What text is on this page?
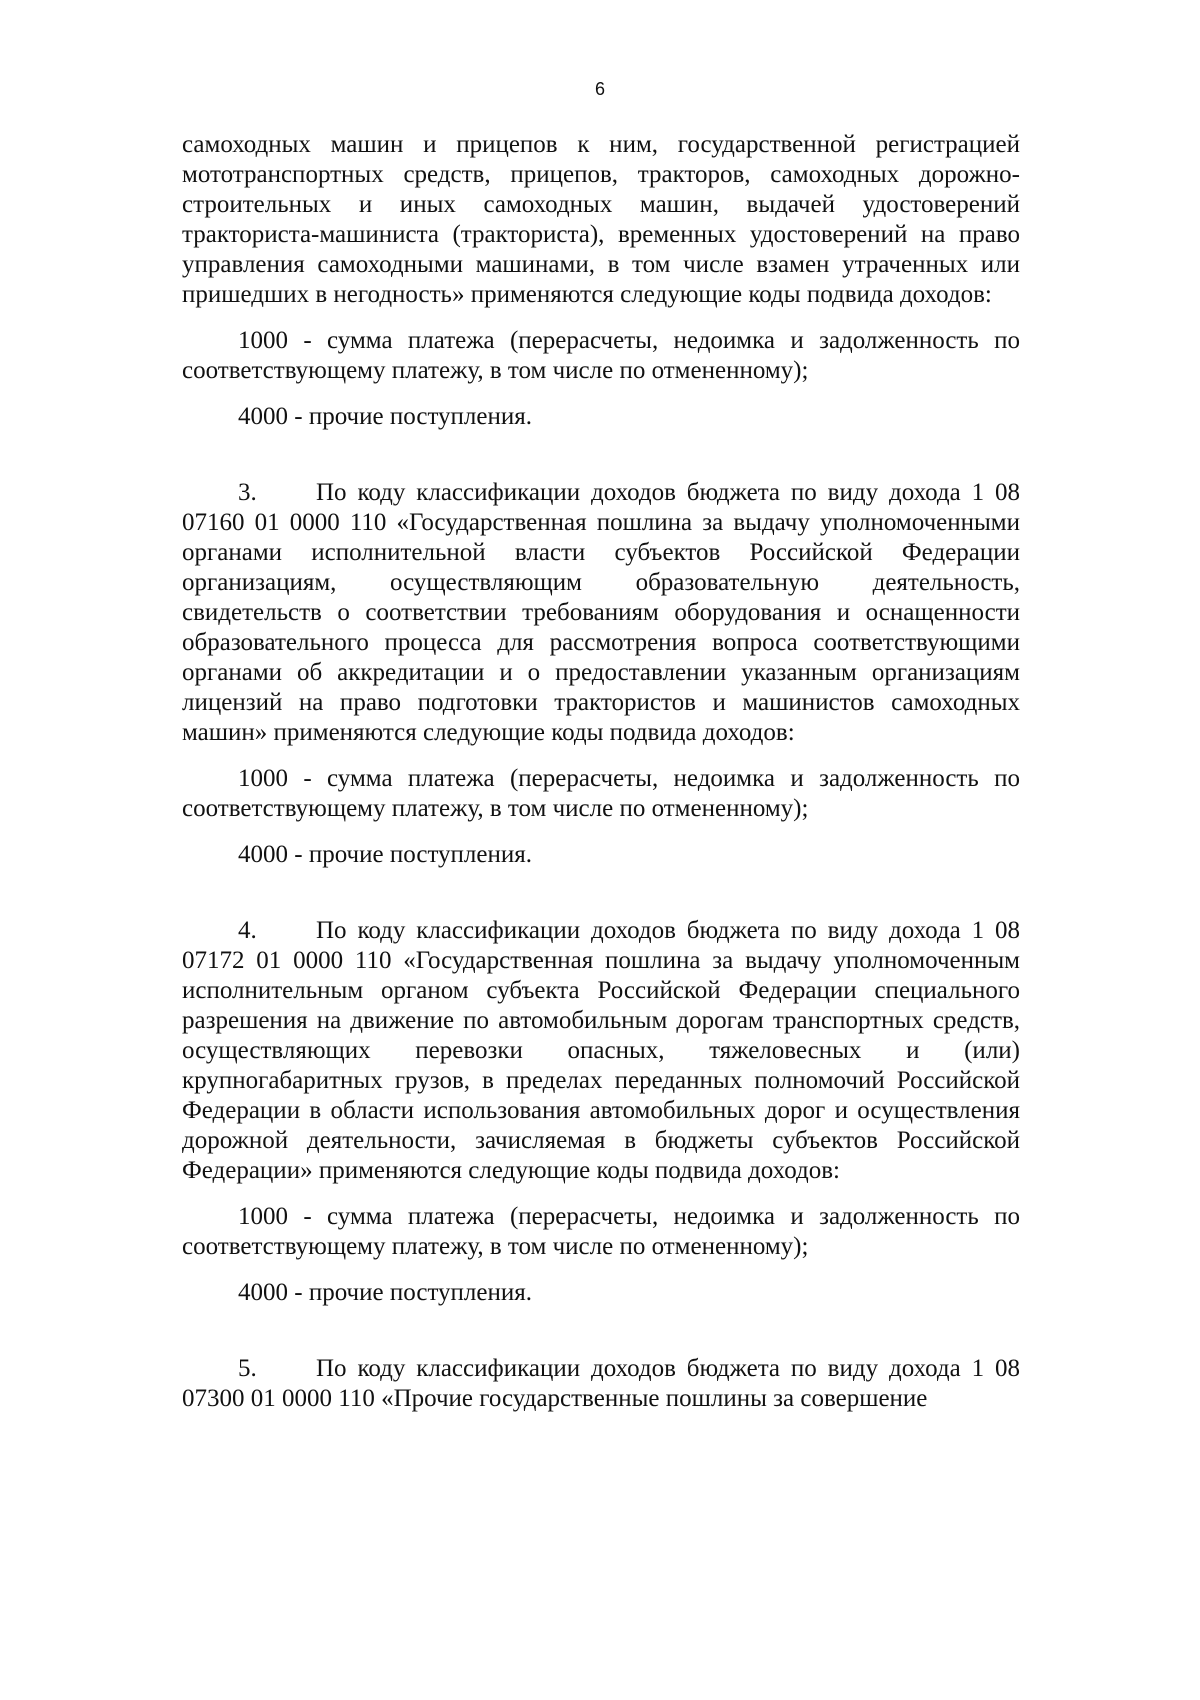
6

самоходных машин и прицепов к ним, государственной регистрацией мототранспортных средств, прицепов, тракторов, самоходных дорожно-строительных и иных самоходных машин, выдачей удостоверений тракториста-машиниста (тракториста), временных удостоверений на право управления самоходными машинами, в том числе взамен утраченных или пришедших в негодность» применяются следующие коды подвида доходов:

1000 - сумма платежа (перерасчеты, недоимка и задолженность по соответствующему платежу, в том числе по отмененному);

4000 - прочие поступления.

3. По коду классификации доходов бюджета по виду дохода 1 08 07160 01 0000 110 «Государственная пошлина за выдачу уполномоченными органами исполнительной власти субъектов Российской Федерации организациям, осуществляющим образовательную деятельность, свидетельств о соответствии требованиям оборудования и оснащенности образовательного процесса для рассмотрения вопроса соответствующими органами об аккредитации и о предоставлении указанным организациям лицензий на право подготовки трактористов и машинистов самоходных машин» применяются следующие коды подвида доходов:

1000 - сумма платежа (перерасчеты, недоимка и задолженность по соответствующему платежу, в том числе по отмененному);

4000 - прочие поступления.

4. По коду классификации доходов бюджета по виду дохода 1 08 07172 01 0000 110 «Государственная пошлина за выдачу уполномоченным исполнительным органом субъекта Российской Федерации специального разрешения на движение по автомобильным дорогам транспортных средств, осуществляющих перевозки опасных, тяжеловесных и (или) крупногабаритных грузов, в пределах переданных полномочий Российской Федерации в области использования автомобильных дорог и осуществления дорожной деятельности, зачисляемая в бюджеты субъектов Российской Федерации» применяются следующие коды подвида доходов:

1000 - сумма платежа (перерасчеты, недоимка и задолженность по соответствующему платежу, в том числе по отмененному);

4000 - прочие поступления.

5. По коду классификации доходов бюджета по виду дохода 1 08 07300 01 0000 110 «Прочие государственные пошлины за совершение
